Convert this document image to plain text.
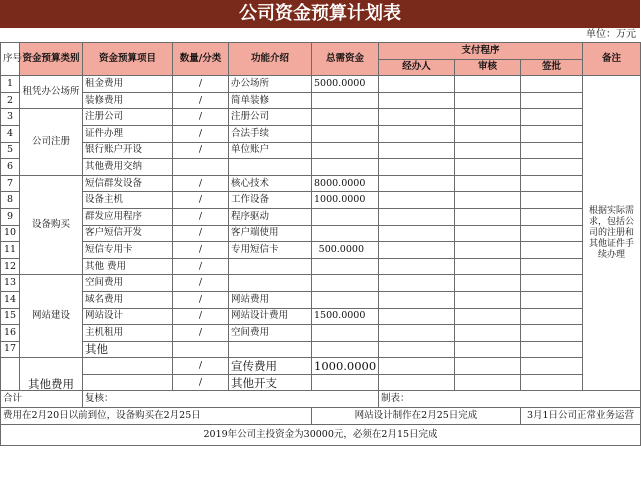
公司资金预算计划表
单位：万元
序号	资金预算类别	资金预算项目	数量/分类	功能介绍	总需资金	支付程序			备注
						经办人	审核	签批	
1	租凭办公场所	租金费用	/	办公场所	5000.0000				根据实际需求，包括公司的注册和其他证件手续办理
2		装修费用	/	简单装修					
3	公司注册	注册公司	/	注册公司					
4		证件办理	/	合法手续					
5		银行账户开设	/	单位账户					
6		其他费用交纳							
7	设备购买	短信群发设备	/	核心技术	8000.0000				
8		设备主机	/	工作设备	1000.0000				
9		群发应用程序	/	程序驱动					
10		客户短信开发	/	客户端使用					
11		短信专用卡	/	专用短信卡	500.0000				
12		其他 费用	/						
13	网站建设	空间费用	/						
14		域名费用	/	网站费用					
15		网站设计	/	网站设计费用	1500.0000				
16		主机租用	/	空间费用					
17		其他							
	其他费用		/	宣传费用	1000.0000				
			/	其他开支					
合计		复核：				制表：			
费用在2月20日以前到位，设备购买在2月25日					网站设计制作在2月25日完成			3月1日公司正常业务运营	
2019年公司主投资金为30000元，必须在2月15日完成									
